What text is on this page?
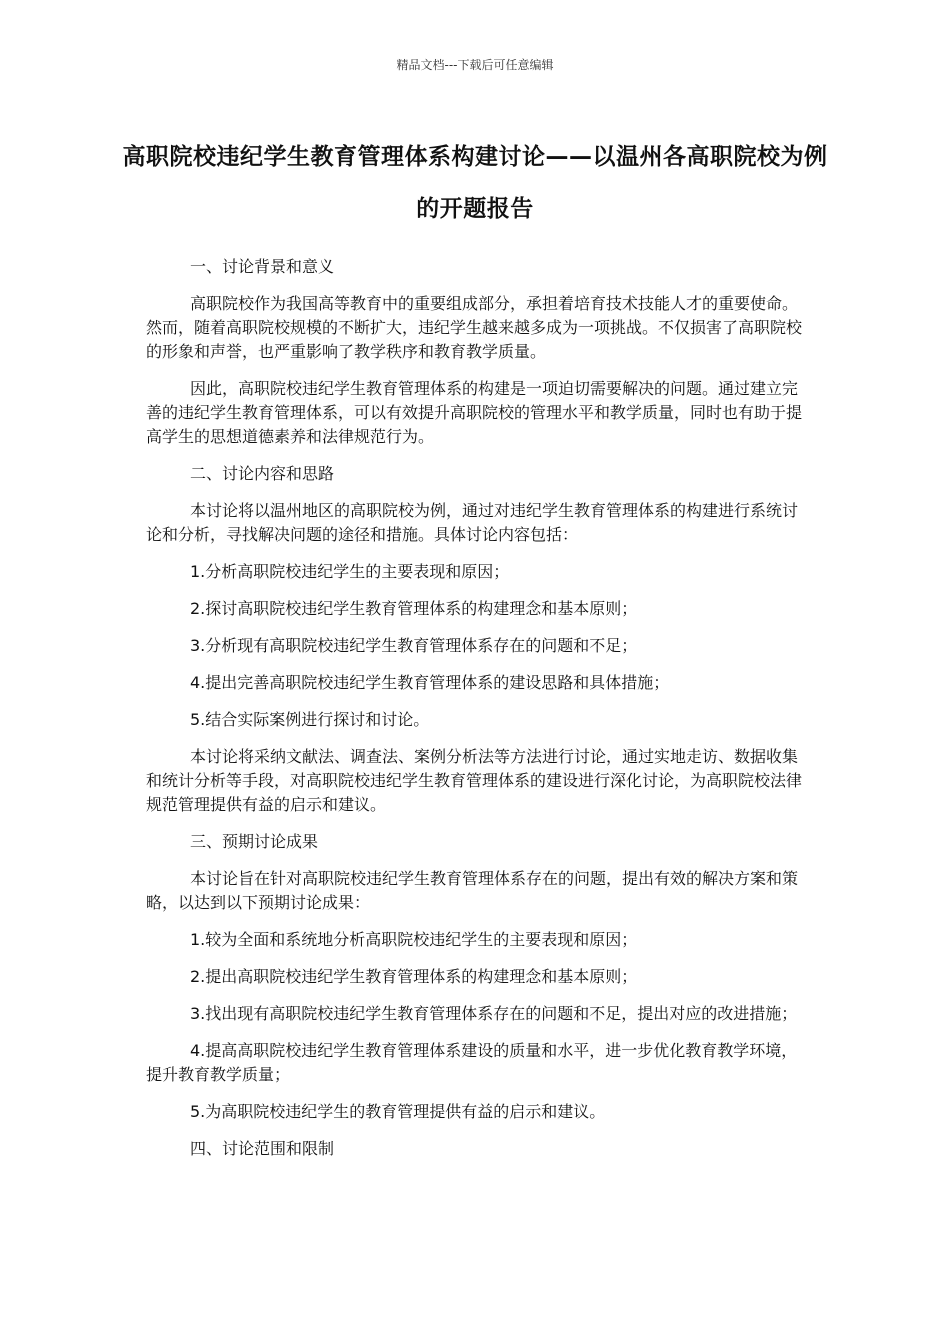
精品文档---下载后可任意编辑
高职院校违纪学生教育管理体系构建讨论——以温州各高职院校为例的开题报告

一、讨论背景和意义

高职院校作为我国高等教育中的重要组成部分，承担着培育技术技能人才的重要使命。然而，随着高职院校规模的不断扩大，违纪学生越来越多成为一项挑战。不仅损害了高职院校的形象和声誉，也严重影响了教学秩序和教育教学质量。

因此，高职院校违纪学生教育管理体系的构建是一项迫切需要解决的问题。通过建立完善的违纪学生教育管理体系，可以有效提升高职院校的管理水平和教学质量，同时也有助于提高学生的思想道德素养和法律规范行为。

二、讨论内容和思路

本讨论将以温州地区的高职院校为例，通过对违纪学生教育管理体系的构建进行系统讨论和分析，寻找解决问题的途径和措施。具体讨论内容包括：

1.分析高职院校违纪学生的主要表现和原因；

2.探讨高职院校违纪学生教育管理体系的构建理念和基本原则；

3.分析现有高职院校违纪学生教育管理体系存在的问题和不足；

4.提出完善高职院校违纪学生教育管理体系的建设思路和具体措施；

5.结合实际案例进行探讨和讨论。

本讨论将采纳文献法、调查法、案例分析法等方法进行讨论，通过实地走访、数据收集和统计分析等手段，对高职院校违纪学生教育管理体系的建设进行深化讨论，为高职院校法律规范管理提供有益的启示和建议。

三、预期讨论成果

本讨论旨在针对高职院校违纪学生教育管理体系存在的问题，提出有效的解决方案和策略，以达到以下预期讨论成果：

1.较为全面和系统地分析高职院校违纪学生的主要表现和原因；

2.提出高职院校违纪学生教育管理体系的构建理念和基本原则；

3.找出现有高职院校违纪学生教育管理体系存在的问题和不足，提出对应的改进措施；

4.提高高职院校违纪学生教育管理体系建设的质量和水平，进一步优化教育教学环境，提升教育教学质量；

5.为高职院校违纪学生的教育管理提供有益的启示和建议。

四、讨论范围和限制
